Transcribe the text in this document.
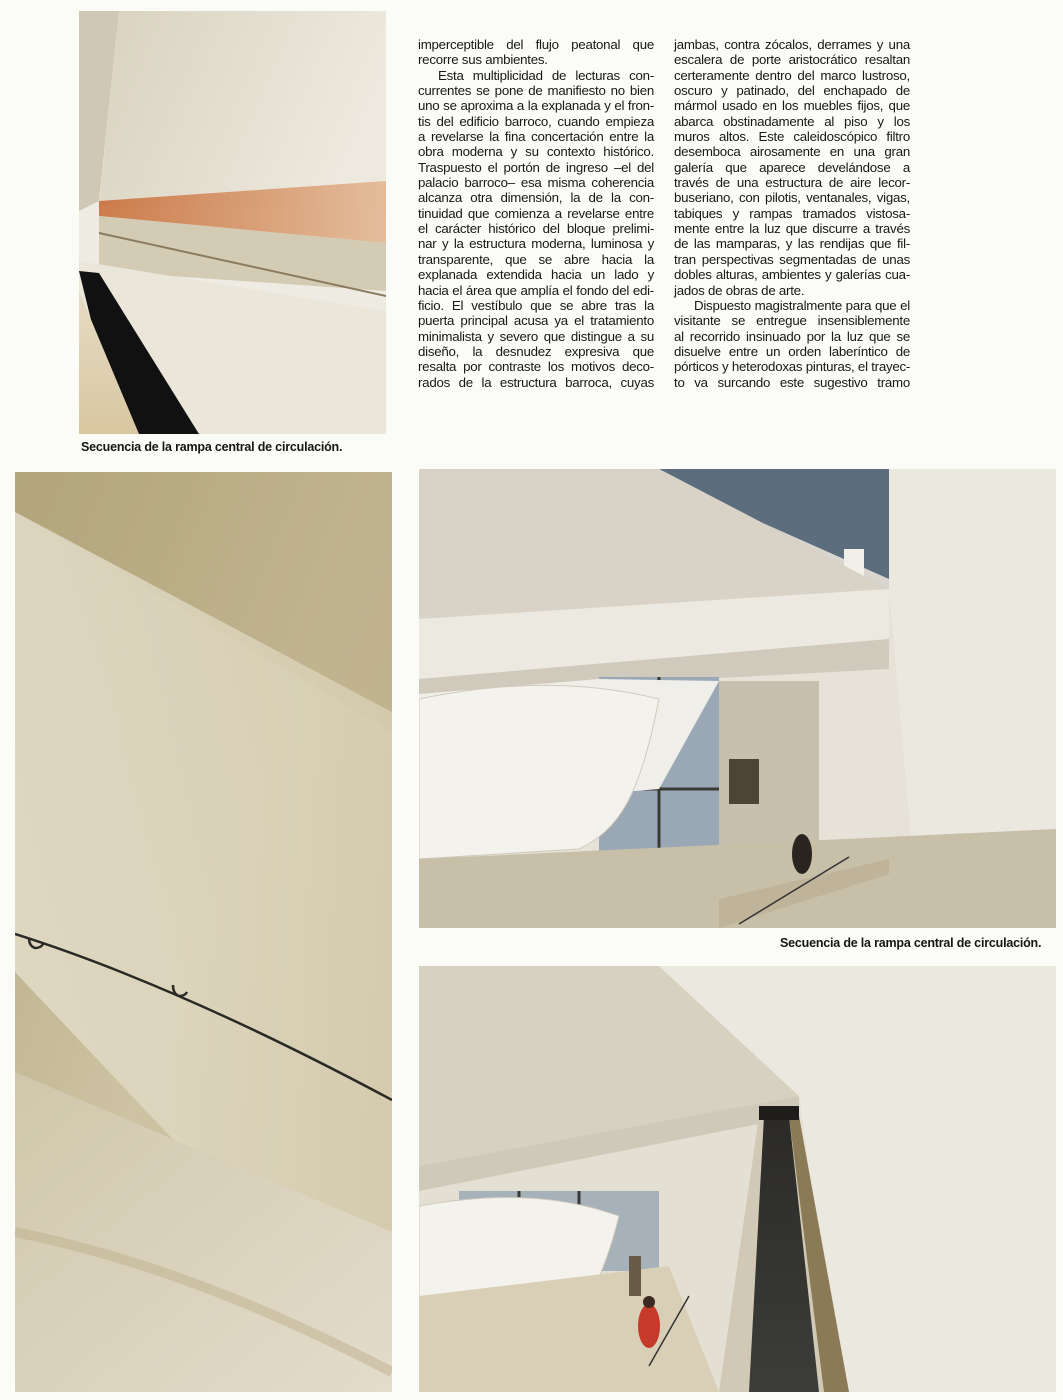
Secuencia de la rampa central de circulación.
imperceptible del flujo peatonal que
recorre sus ambientes.
Esta multiplicidad de lecturas con-
currentes se pone de manifiesto no bien
uno se aproxima a la explanada y el fron-
tis del edificio barroco, cuando empieza
a revelarse la fina concertación entre la
obra moderna y su contexto histórico.
Traspuesto el portón de ingreso –el del
palacio barroco– esa misma coherencia
alcanza otra dimensión, la de la con-
tinuidad que comienza a revelarse entre
el carácter histórico del bloque prelimi-
nar y la estructura moderna, luminosa y
transparente, que se abre hacia la
explanada extendida hacia un lado y
hacia el área que amplía el fondo del edi-
ficio. El vestíbulo que se abre tras la
puerta principal acusa ya el tratamiento
minimalista y severo que distingue a su
diseño, la desnudez expresiva que
resalta por contraste los motivos deco-
rados de la estructura barroca, cuyas
jambas, contra zócalos, derrames y una
escalera de porte aristocrático resaltan
certeramente dentro del marco lustroso,
oscuro y patinado, del enchapado de
mármol usado en los muebles fijos, que
abarca obstinadamente al piso y los
muros altos. Este caleidoscópico filtro
desemboca airosamente en una gran
galería que aparece develándose a
través de una estructura de aire lecor-
buseriano, con pilotis, ventanales, vigas,
tabiques y rampas tramados vistosa-
mente entre la luz que discurre a través
de las mamparas, y las rendijas que fil-
tran perspectivas segmentadas de unas
dobles alturas, ambientes y galerías cua-
jados de obras de arte.
Dispuesto magistralmente para que el
visitante se entregue insensiblemente
al recorrido insinuado por la luz que se
disuelve entre un orden laberíntico de
pórticos y heterodoxas pinturas, el trayec-
to va surcando este sugestivo tramo
Secuencia de la rampa central de circulación.
